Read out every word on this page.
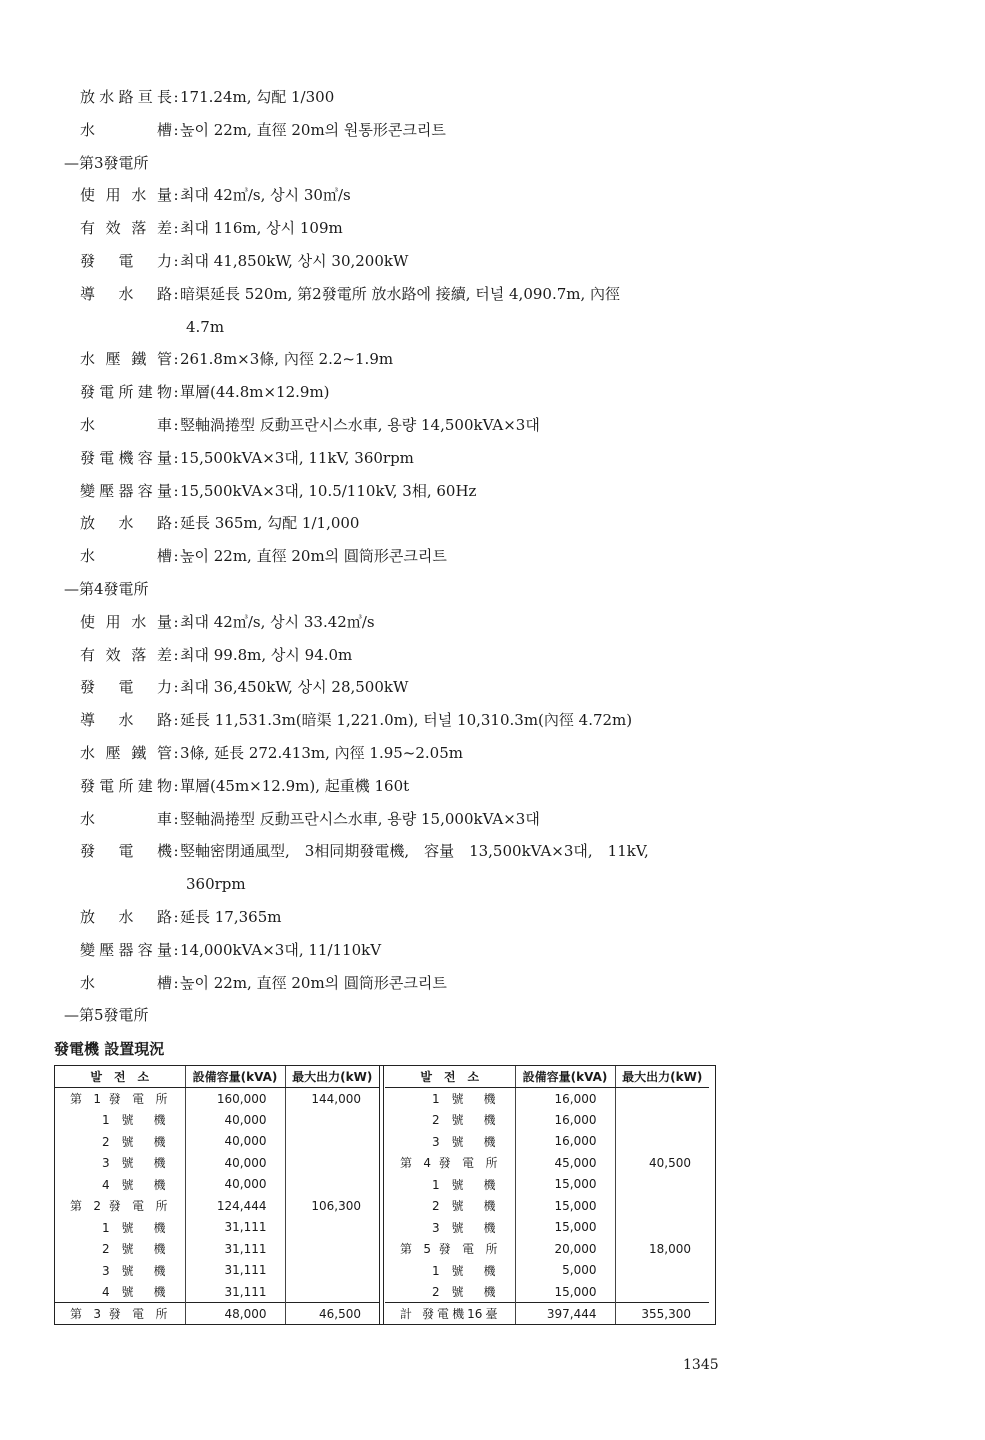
放水路亘長:171.24m, 勾配 1/300
水　槽:높이 22m, 直徑 20m의 원통形콘크리트
—第3發電所
使用水量:최대 42㎥/s, 상시 30㎥/s
有效落差:최대 116m, 상시 109m
發電力:최대 41,850kW, 상시 30,200kW
導水路:暗渠延長 520m, 第2發電所 放水路에 接續, 터널 4,090.7m, 內徑
4.7m
水壓鐵管:261.8m×3條, 內徑 2.2~1.9m
發電所建物:單層(44.8m×12.9m)
水　車:竪軸渦捲型 反動프란시스水車, 용량 14,500kVA×3대
發電機容量:15,500kVA×3대, 11kV, 360rpm
變壓器容量:15,500kVA×3대, 10.5/110kV, 3相, 60Hz
放水路:延長 365m, 勾配 1/1,000
水　槽:높이 22m, 直徑 20m의 圓筒形콘크리트
—第4發電所
使用水量:최대 42㎥/s, 상시 33.42㎥/s
有效落差:최대 99.8m, 상시 94.0m
發電力:최대 36,450kW, 상시 28,500kW
導水路:延長 11,531.3m(暗渠 1,221.0m), 터널 10,310.3m(內徑 4.72m)
水壓鐵管:3條, 延長 272.413m, 內徑 1.95~2.05m
發電所建物:單層(45m×12.9m), 起重機 160t
水　車:竪軸渦捲型 反動프란시스水車, 용량 15,000kVA×3대
發電機:竪軸密閉通風型,　3相同期發電機,　容量　13,500kVA×3대,　11kV,
360rpm
放水路:延長 17,365m
變壓器容量:14,000kVA×3대, 11/110kV
水　槽:높이 22m, 直徑 20m의 圓筒形콘크리트
—第5發電所
發電機 設置現況
발　전　소	設備容量(kVA)	最大出力(kW)

第 1 發 電 所	160,000	144,000

1 號 機	40,000	

2 號 機	40,000	

3 號 機	40,000	

4 號 機	40,000	

第 2 發 電 所	124,444	106,300

1 號 機	31,111	

2 號 機	31,111	

3 號 機	31,111	

4 號 機	31,111	

第 3 發 電 所	48,000	46,500
발　전　소	設備容量(kVA)	最大出力(kW)

1 號 機	16,000	

2 號 機	16,000	

3 號 機	16,000	

第 4 發 電 所	45,000	40,500

1 號 機	15,000	

2 號 機	15,000	

3 號 機	15,000	

第 5 發 電 所	20,000	18,000

1 號 機	5,000	

2 號 機	15,000	

計 發電機16臺	397,444	355,300
1345
